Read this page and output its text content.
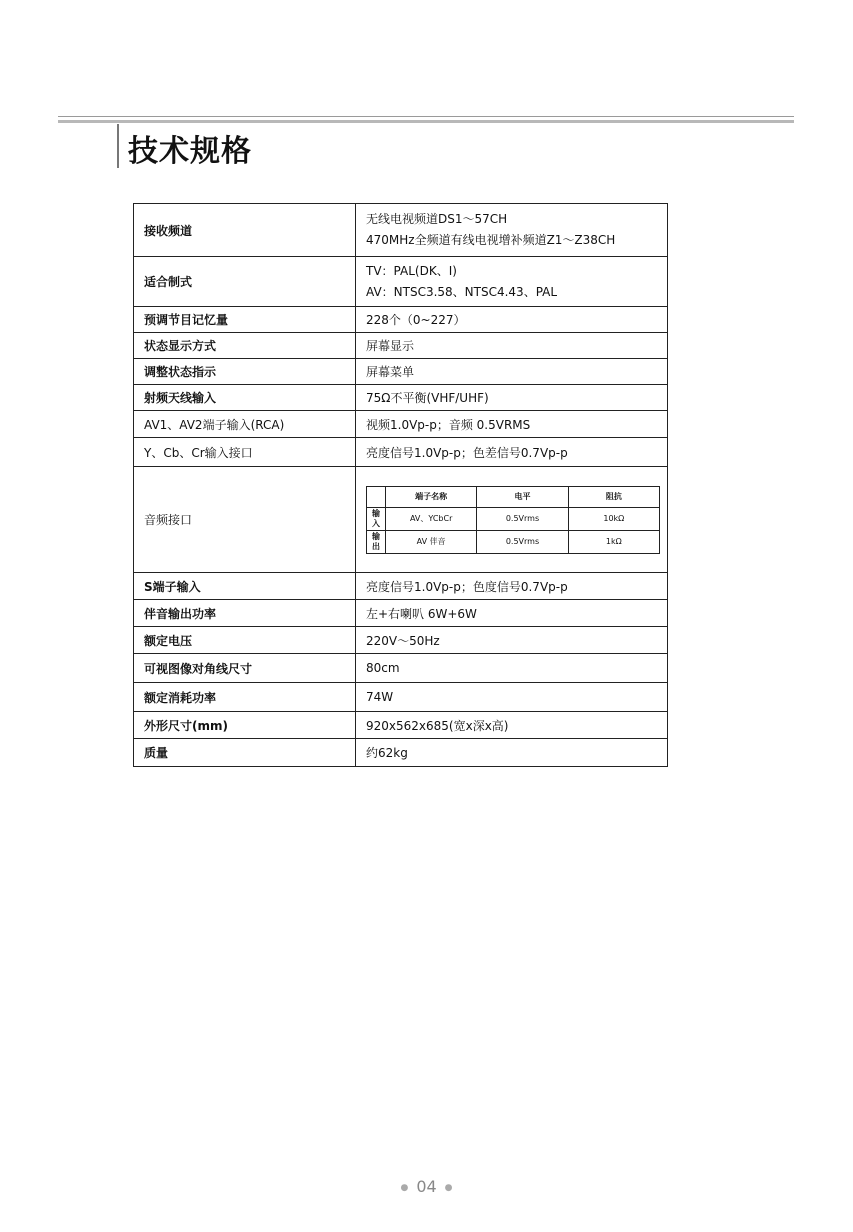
技术规格
接收频道	
无线电视频道DS1～57CH
470MHz全频道有线电视增补频道Z1～Z38CH

适合制式	
TV：PAL(DK、I)
AV：NTSC3.58、NTSC4.43、PAL

预调节目记忆量	228个（0~227）
状态显示方式	屏幕显示
调整状态指示	屏幕菜单
射频天线输入	75Ω不平衡(VHF/UHF)
AV1、AV2端子输入(RCA)	视频1.0Vp-p；音频 0.5VRMS
Y、Cb、Cr输入接口	亮度信号1.0Vp-p；色差信号0.7Vp-p
音频接口	
	端子名称	电平	阻抗

输
入	AV、YCbCr	0.5Vrms	10kΩ

输
出	AV 伴音	0.5Vrms	1kΩ

S端子输入	亮度信号1.0Vp-p；色度信号0.7Vp-p
伴音输出功率	左+右喇叭 6W+6W
额定电压	220V～50Hz
可视图像对角线尺寸	80cm
额定消耗功率	74W
外形尺寸(mm)	920x562x685(宽x深x高)
质量	约62kg
● 04 ●
